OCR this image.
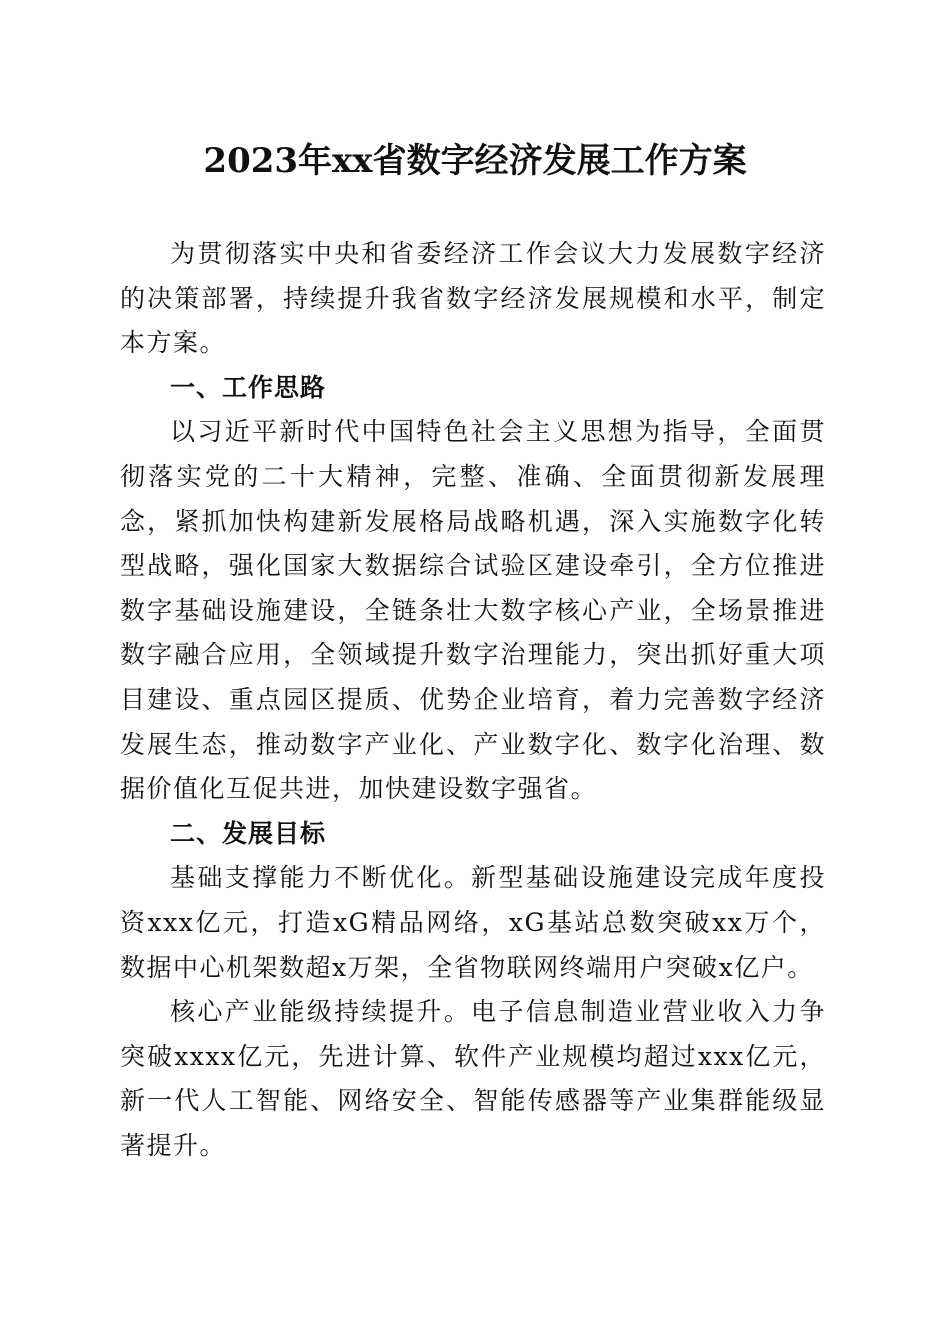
2023年xx省数字经济发展工作方案

为贯彻落实中央和省委经济工作会议大力发展数字经济的决策部署，持续提升我省数字经济发展规模和水平，制定本方案。

一、工作思路

以习近平新时代中国特色社会主义思想为指导，全面贯彻落实党的二十大精神，完整、准确、全面贯彻新发展理念，紧抓加快构建新发展格局战略机遇，深入实施数字化转型战略，强化国家大数据综合试验区建设牵引，全方位推进数字基础设施建设，全链条壮大数字核心产业，全场景推进数字融合应用，全领域提升数字治理能力，突出抓好重大项目建设、重点园区提质、优势企业培育，着力完善数字经济发展生态，推动数字产业化、产业数字化、数字化治理、数据价值化互促共进，加快建设数字强省。

二、发展目标

基础支撑能力不断优化。新型基础设施建设完成年度投资xxx亿元，打造xG精品网络，xG基站总数突破xx万个，数据中心机架数超x万架，全省物联网终端用户突破x亿户。

核心产业能级持续提升。电子信息制造业营业收入力争突破xxxx亿元，先进计算、软件产业规模均超过xxx亿元，新一代人工智能、网络安全、智能传感器等产业集群能级显著提升。
